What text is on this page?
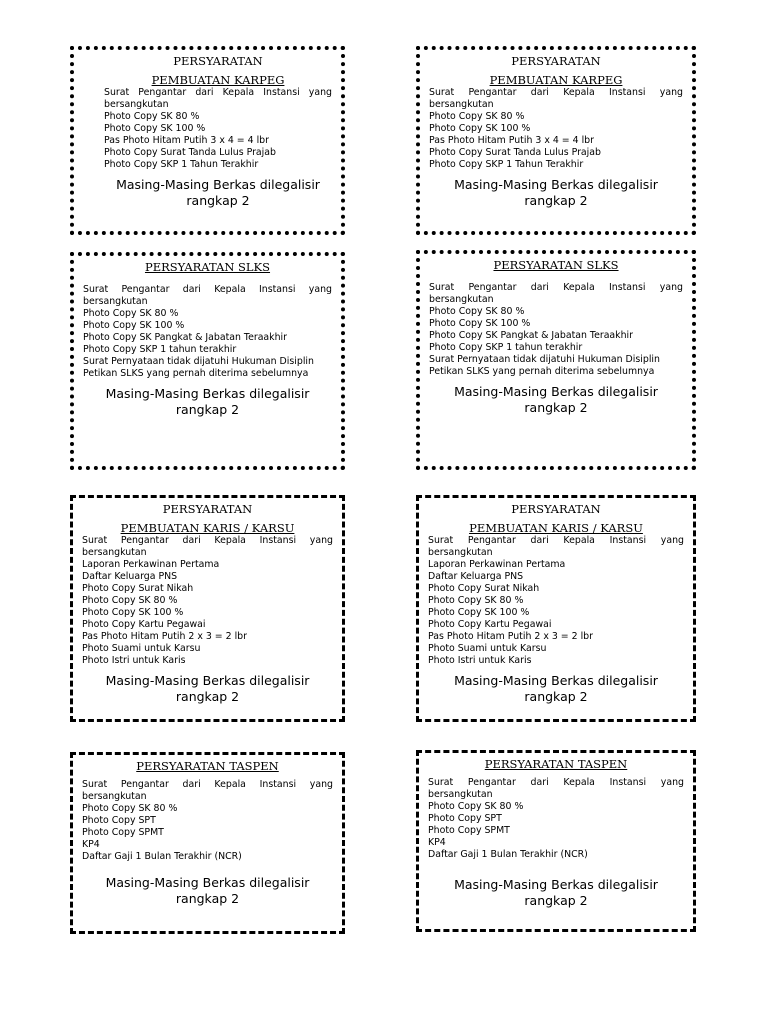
PERSYARATAN

PEMBUATAN KARPEG

Surat Pengantar dari Kepala Instansi yang
bersangkutan
Photo Copy SK 80 %
Photo Copy SK 100 %
Pas Photo Hitam Putih 3 x 4 = 4 lbr
Photo Copy Surat Tanda Lulus Prajab
Photo Copy SKP 1 Tahun Terakhir
Masing-Masing Berkas dilegalisir
rangkap 2

PERSYARATAN

PEMBUATAN KARPEG

Surat Pengantar dari Kepala Instansi yang
bersangkutan
Photo Copy SK 80 %
Photo Copy SK 100 %
Pas Photo Hitam Putih 3 x 4 = 4 lbr
Photo Copy Surat Tanda Lulus Prajab
Photo Copy SKP 1 Tahun Terakhir
Masing-Masing Berkas dilegalisir
rangkap 2

PERSYARATAN SLKS

Surat Pengantar dari Kepala Instansi yang
bersangkutan
Photo Copy SK 80 %
Photo Copy SK 100 %
Photo Copy SK Pangkat & Jabatan Teraakhir
Photo Copy SKP 1 tahun terakhir
Surat Pernyataan tidak dijatuhi Hukuman Disiplin
Petikan SLKS yang pernah diterima sebelumnya
Masing-Masing Berkas dilegalisir
rangkap 2

PERSYARATAN SLKS

Surat Pengantar dari Kepala Instansi yang
bersangkutan
Photo Copy SK 80 %
Photo Copy SK 100 %
Photo Copy SK Pangkat & Jabatan Teraakhir
Photo Copy SKP 1 tahun terakhir
Surat Pernyataan tidak dijatuhi Hukuman Disiplin
Petikan SLKS yang pernah diterima sebelumnya
Masing-Masing Berkas dilegalisir
rangkap 2

PERSYARATAN

PEMBUATAN KARIS / KARSU

Surat Pengantar dari Kepala Instansi yang
bersangkutan
Laporan Perkawinan Pertama
Daftar Keluarga PNS
Photo Copy Surat Nikah
Photo Copy SK 80 %
Photo Copy SK 100 %
Photo Copy Kartu Pegawai
Pas Photo Hitam Putih 2 x 3 = 2 lbr
Photo Suami untuk Karsu
Photo Istri untuk Karis
Masing-Masing Berkas dilegalisir
rangkap 2

PERSYARATAN

PEMBUATAN KARIS / KARSU

Surat Pengantar dari Kepala Instansi yang
bersangkutan
Laporan Perkawinan Pertama
Daftar Keluarga PNS
Photo Copy Surat Nikah
Photo Copy SK 80 %
Photo Copy SK 100 %
Photo Copy Kartu Pegawai
Pas Photo Hitam Putih 2 x 3 = 2 lbr
Photo Suami untuk Karsu
Photo Istri untuk Karis
Masing-Masing Berkas dilegalisir
rangkap 2

PERSYARATAN TASPEN

Surat Pengantar dari Kepala Instansi yang
bersangkutan
Photo Copy SK 80 %
Photo Copy SPT
Photo Copy SPMT
KP4
Daftar Gaji 1 Bulan Terakhir (NCR)
Masing-Masing Berkas dilegalisir
rangkap 2

PERSYARATAN TASPEN

Surat Pengantar dari Kepala Instansi yang
bersangkutan
Photo Copy SK 80 %
Photo Copy SPT
Photo Copy SPMT
KP4
Daftar Gaji 1 Bulan Terakhir (NCR)
Masing-Masing Berkas dilegalisir
rangkap 2
